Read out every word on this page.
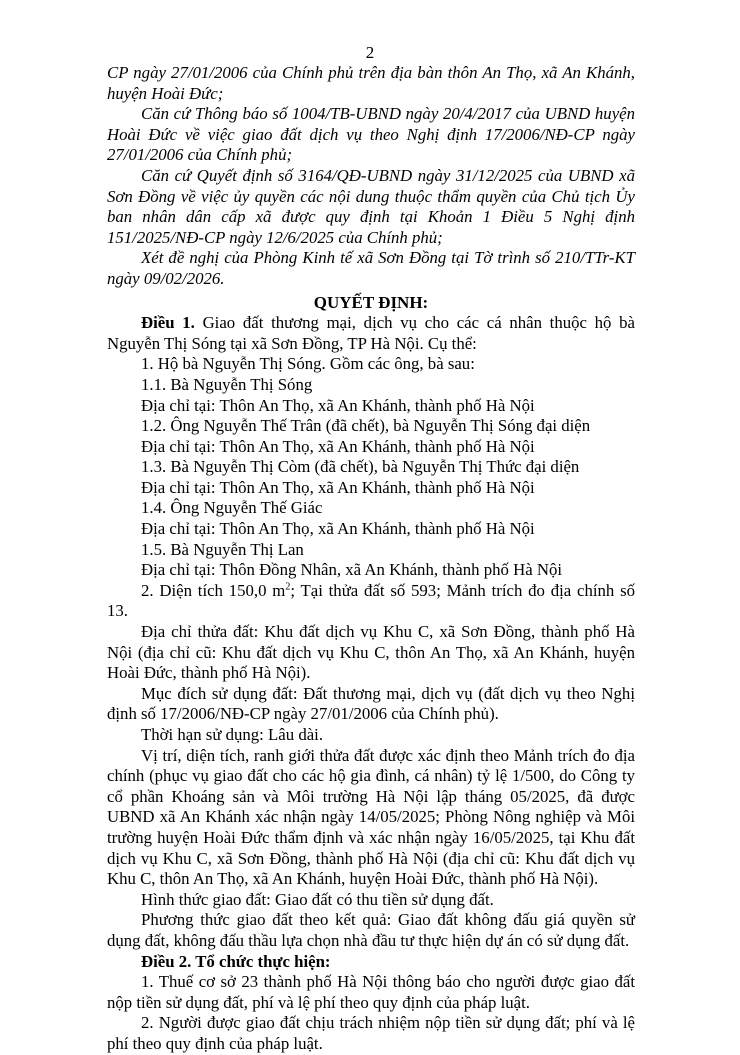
2

CP ngày 27/01/2006 của Chính phủ trên địa bàn thôn An Thọ, xã An Khánh, huyện Hoài Đức;

Căn cứ Thông báo số 1004/TB-UBND ngày 20/4/2017 của UBND huyện Hoài Đức về việc giao đất dịch vụ theo Nghị định 17/2006/NĐ-CP ngày 27/01/2006 của Chính phủ;

Căn cứ Quyết định số 3164/QĐ-UBND ngày 31/12/2025 của UBND xã Sơn Đồng về việc ủy quyền các nội dung thuộc thẩm quyền của Chủ tịch Ủy ban nhân dân cấp xã được quy định tại Khoản 1 Điều 5 Nghị định 151/2025/NĐ-CP ngày 12/6/2025 của Chính phủ;

Xét đề nghị của Phòng Kinh tế xã Sơn Đồng tại Tờ trình số 210/TTr-KT ngày 09/02/2026.

QUYẾT ĐỊNH:

Điều 1. Giao đất thương mại, dịch vụ cho các cá nhân thuộc hộ bà Nguyễn Thị Sóng tại xã Sơn Đồng, TP Hà Nội. Cụ thể:

1. Hộ bà Nguyễn Thị Sóng. Gồm các ông, bà sau:

1.1. Bà Nguyễn Thị Sóng

Địa chỉ tại: Thôn An Thọ, xã An Khánh, thành phố Hà Nội

1.2. Ông Nguyễn Thế Trân (đã chết), bà Nguyễn Thị Sóng đại diện

Địa chỉ tại: Thôn An Thọ, xã An Khánh, thành phố Hà Nội

1.3. Bà Nguyễn Thị Còm (đã chết), bà Nguyễn Thị Thức đại diện

Địa chỉ tại: Thôn An Thọ, xã An Khánh, thành phố Hà Nội

1.4. Ông Nguyễn Thế Giác

Địa chỉ tại: Thôn An Thọ, xã An Khánh, thành phố Hà Nội

1.5. Bà Nguyễn Thị Lan

Địa chỉ tại: Thôn Đồng Nhân, xã An Khánh, thành phố Hà Nội

2. Diện tích 150,0 $m^2$; Tại thửa đất số 593; Mảnh trích đo địa chính số 13.

Địa chỉ thửa đất: Khu đất dịch vụ Khu C, xã Sơn Đồng, thành phố Hà Nội (địa chỉ cũ: Khu đất dịch vụ Khu C, thôn An Thọ, xã An Khánh, huyện Hoài Đức, thành phố Hà Nội).

Mục đích sử dụng đất: Đất thương mại, dịch vụ (đất dịch vụ theo Nghị định số 17/2006/NĐ-CP ngày 27/01/2006 của Chính phủ).

Thời hạn sử dụng: Lâu dài.

Vị trí, diện tích, ranh giới thửa đất được xác định theo Mảnh trích đo địa chính (phục vụ giao đất cho các hộ gia đình, cá nhân) tỷ lệ 1/500, do Công ty cổ phần Khoáng sản và Môi trường Hà Nội lập tháng 05/2025, đã được UBND xã An Khánh xác nhận ngày 14/05/2025; Phòng Nông nghiệp và Môi trường huyện Hoài Đức thẩm định và xác nhận ngày 16/05/2025, tại Khu đất dịch vụ Khu C, xã Sơn Đồng, thành phố Hà Nội (địa chỉ cũ: Khu đất dịch vụ Khu C, thôn An Thọ, xã An Khánh, huyện Hoài Đức, thành phố Hà Nội).

Hình thức giao đất: Giao đất có thu tiền sử dụng đất.

Phương thức giao đất theo kết quả: Giao đất không đấu giá quyền sử dụng đất, không đấu thầu lựa chọn nhà đầu tư thực hiện dự án có sử dụng đất.

Điều 2. Tổ chức thực hiện:

1. Thuế cơ sở 23 thành phố Hà Nội thông báo cho người được giao đất nộp tiền sử dụng đất, phí và lệ phí theo quy định của pháp luật.

2. Người được giao đất chịu trách nhiệm nộp tiền sử dụng đất; phí và lệ phí theo quy định của pháp luật.
